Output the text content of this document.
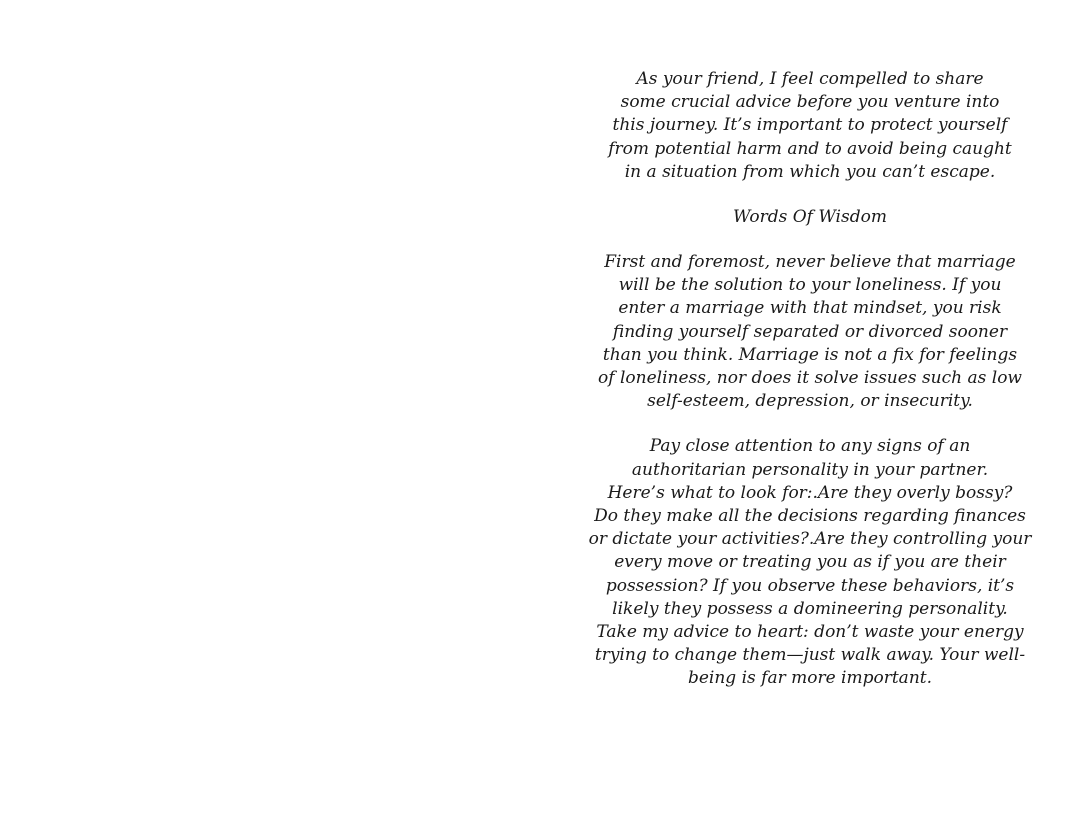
As your friend, I feel compelled to share
some crucial advice before you venture into
this journey. It’s important to protect yourself
from potential harm and to avoid being caught
in a situation from which you can’t escape.

Words Of Wisdom

First and foremost, never believe that marriage
will be the solution to your loneliness. If you
enter a marriage with that mindset, you risk
finding yourself separated or divorced sooner
than you think. Marriage is not a fix for feelings
of loneliness, nor does it solve issues such as low
self-esteem, depression, or insecurity.

Pay close attention to any signs of an
authoritarian personality in your partner.
Here’s what to look for:.Are they overly bossy?
Do they make all the decisions regarding finances
or dictate your activities?.Are they controlling your
every move or treating you as if you are their
possession? If you observe these behaviors, it’s
likely they possess a domineering personality.
Take my advice to heart: don’t waste your energy
trying to change them—just walk away. Your well-
being is far more important.
